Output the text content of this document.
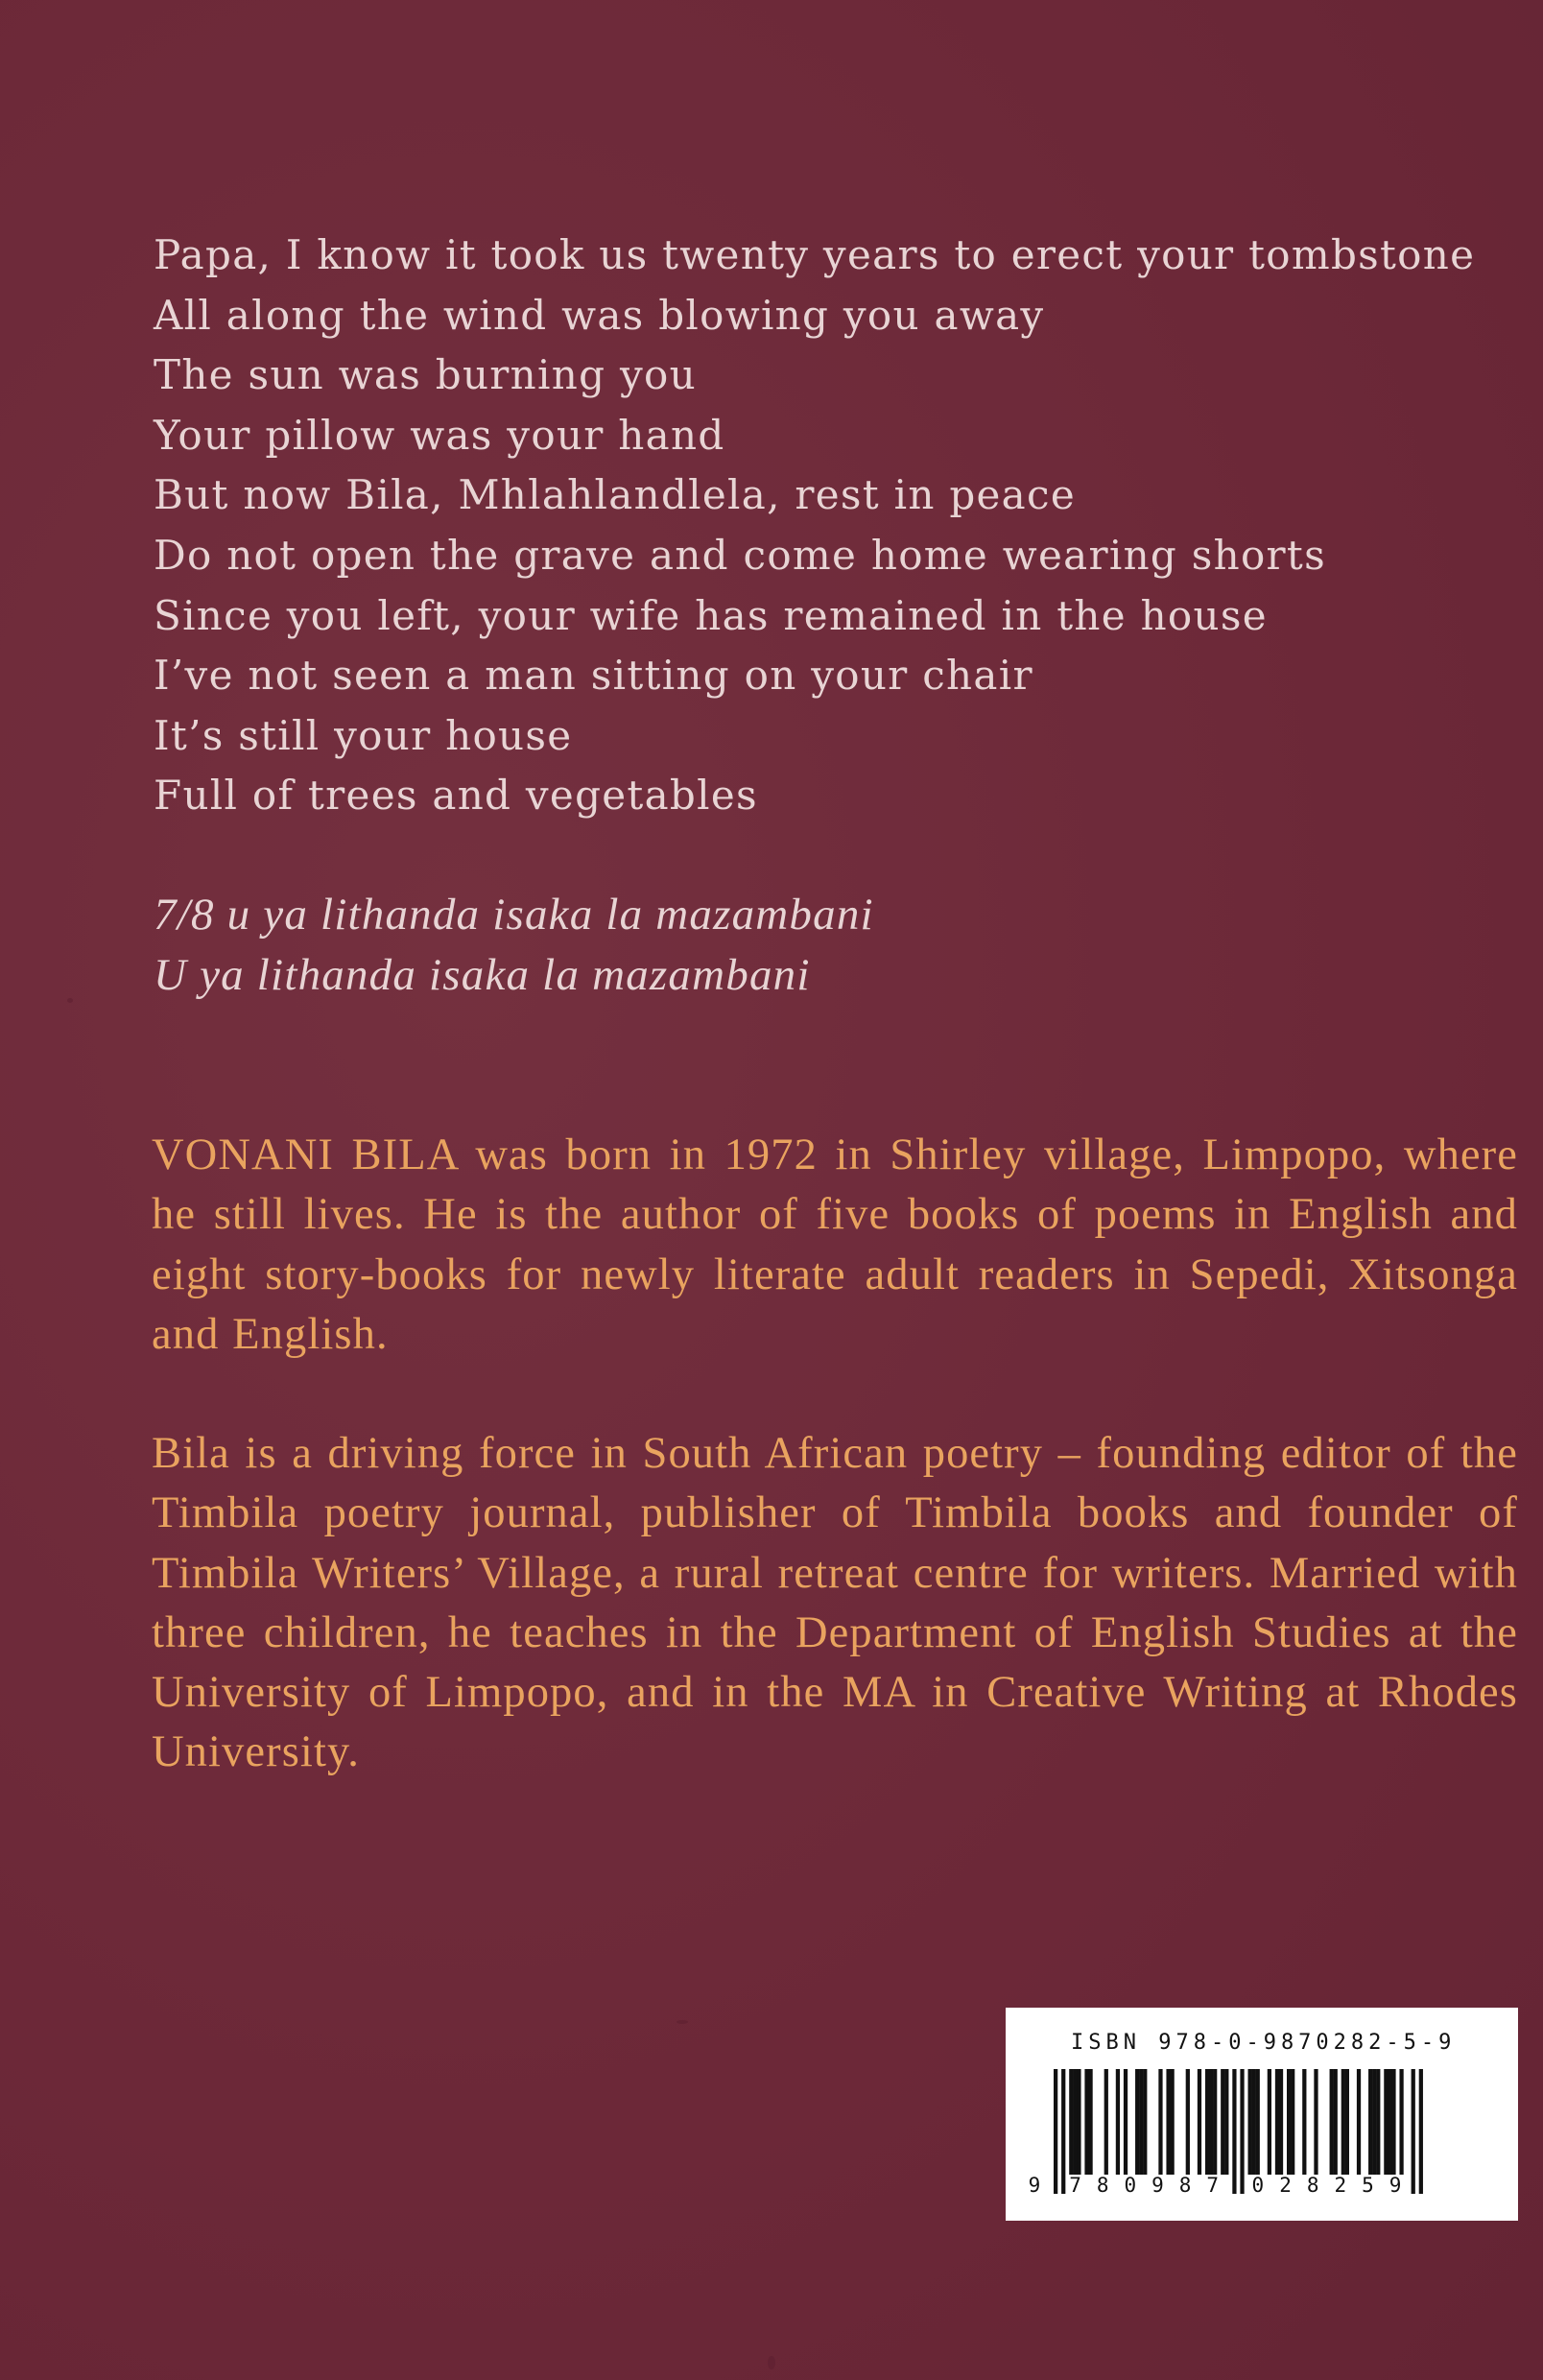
Papa, I know it took us twenty years to erect your tombstone
All along the wind was blowing you away
The sun was burning you
Your pillow was your hand
But now Bila, Mhlahlandlela, rest in peace
Do not open the grave and come home wearing shorts
Since you left, your wife has remained in the house
I’ve not seen a man sitting on your chair
It’s still your house
Full of trees and vegetables
7/8 u ya lithanda isaka la mazambani
U ya lithanda isaka la mazambani

VONANI BILA was born in 1972 in Shirley village, Limpopo, where he still lives. He is the author of five books of poems in English and eight story-books for newly literate adult readers in Sepedi, Xitsonga and English.

Bila is a driving force in South African poetry – founding editor of the Timbila poetry journal, publisher of Timbila books and founder of Timbila Writers’ Village, a rural retreat centre for writers. Married with three children, he teaches in the Department of English Studies at the University of Limpopo, and in the MA in Creative Writing at Rhodes University.

ISBN 978-0-9870282-5-9
9 780987 028259
